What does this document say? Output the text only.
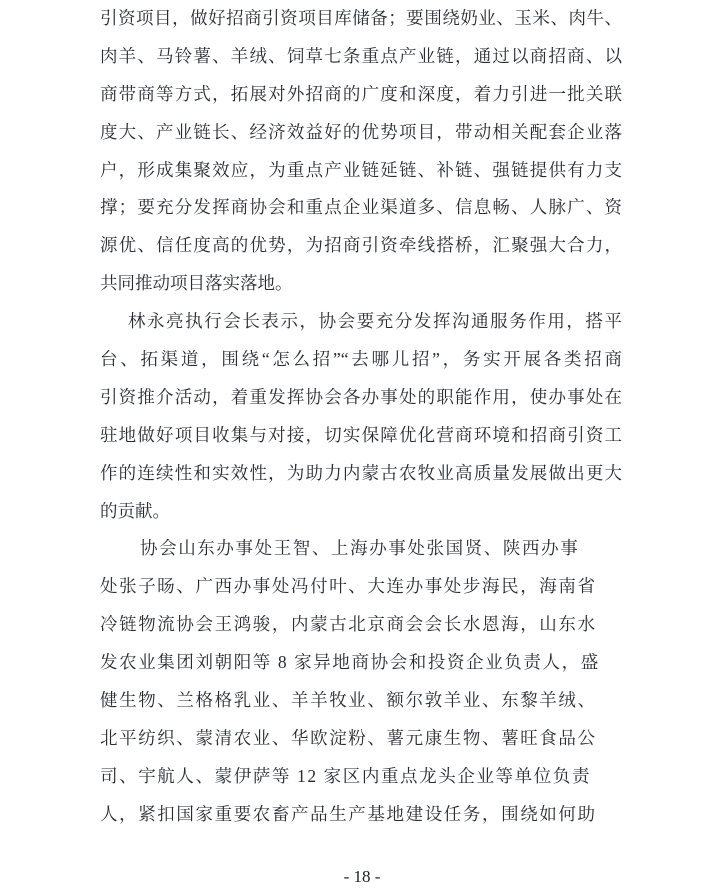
引资项目，做好招商引资项目库储备；要围绕奶业、玉米、肉牛、

肉羊、马铃薯、羊绒、饲草七条重点产业链，通过以商招商、以

商带商等方式，拓展对外招商的广度和深度，着力引进一批关联

度大、产业链长、经济效益好的优势项目，带动相关配套企业落

户，形成集聚效应，为重点产业链延链、补链、强链提供有力支

撑；要充分发挥商协会和重点企业渠道多、信息畅、人脉广、资

源优、信任度高的优势，为招商引资牵线搭桥，汇聚强大合力，

共同推动项目落实落地。

林永亮执行会长表示，协会要充分发挥沟通服务作用，搭平

台、拓渠道，围绕“怎么招”“去哪儿招”，务实开展各类招商

引资推介活动，着重发挥协会各办事处的职能作用，使办事处在

驻地做好项目收集与对接，切实保障优化营商环境和招商引资工

作的连续性和实效性，为助力内蒙古农牧业高质量发展做出更大

的贡献。

协会山东办事处王智、上海办事处张国贤、陕西办事

处张子旸、广西办事处冯付叶、大连办事处步海民，海南省

冷链物流协会王鸿骏，内蒙古北京商会会长水恩海，山东水

发农业集团刘朝阳等 8 家异地商协会和投资企业负责人，盛

健生物、兰格格乳业、羊羊牧业、额尔敦羊业、东黎羊绒、

北平纺织、蒙清农业、华欧淀粉、薯元康生物、薯旺食品公

司、宇航人、蒙伊萨等 12 家区内重点龙头企业等单位负责

人，紧扣国家重要农畜产品生产基地建设任务，围绕如何助

- 18 -
